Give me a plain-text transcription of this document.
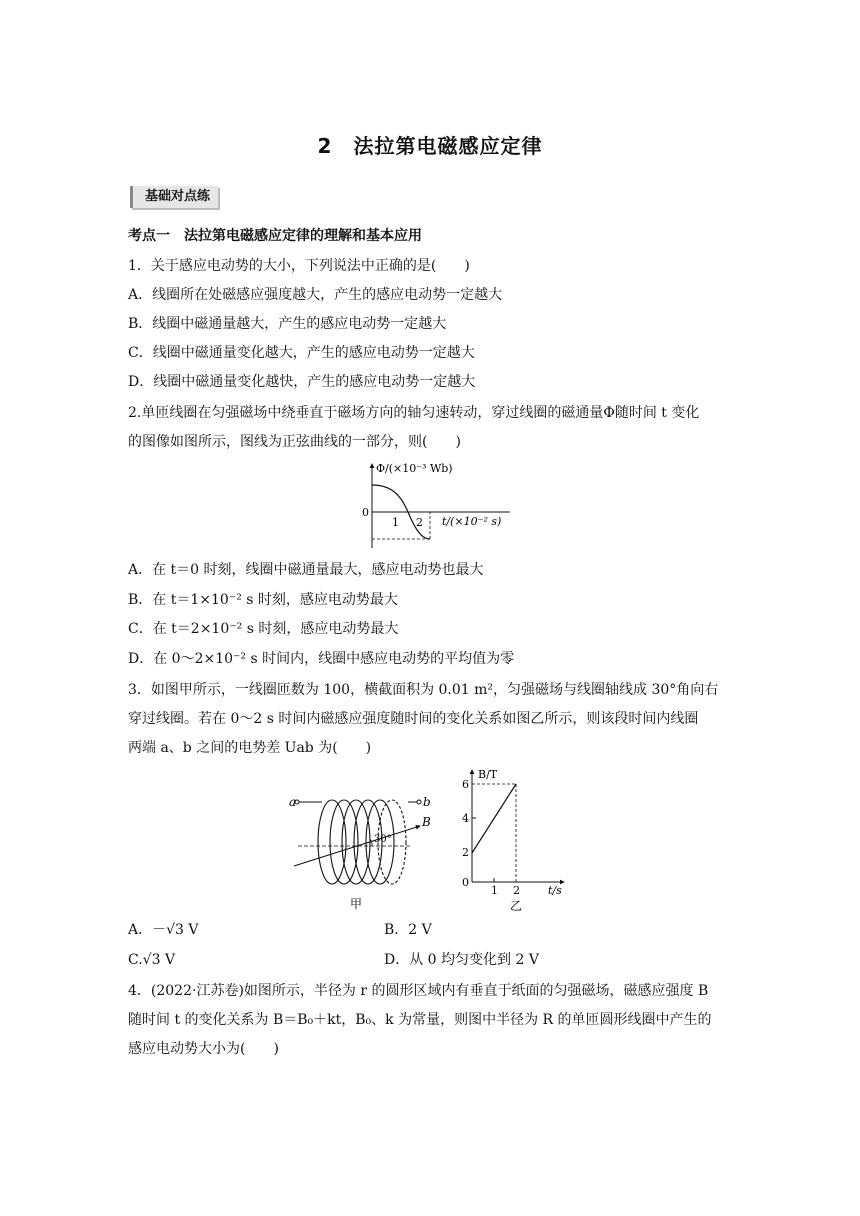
2　法拉第电磁感应定律
基础对点练
考点一　法拉第电磁感应定律的理解和基本应用
1．关于感应电动势的大小，下列说法中正确的是(　　)
A．线圈所在处磁感应强度越大，产生的感应电动势一定越大
B．线圈中磁通量越大，产生的感应电动势一定越大
C．线圈中磁通量变化越大，产生的感应电动势一定越大
D．线圈中磁通量变化越快，产生的感应电动势一定越大
2.单匝线圈在匀强磁场中绕垂直于磁场方向的轴匀速转动，穿过线圈的磁通量Φ随时间 t 变化
的图像如图所示，图线为正弦曲线的一部分，则(　　)
Φ/(×10⁻³ Wb)
0
1 2 t/(×10⁻² s)
A．在 t＝0 时刻，线圈中磁通量最大，感应电动势也最大
B．在 t＝1×10⁻² s 时刻，感应电动势最大
C．在 t＝2×10⁻² s 时刻，感应电动势最大
D．在 0～2×10⁻² s 时间内，线圈中感应电动势的平均值为零
3．如图甲所示，一线圈匝数为 100，横截面积为 0.01 m²，匀强磁场与线圈轴线成 30°角向右
穿过线圈。若在 0～2 s 时间内磁感应强度随时间的变化关系如图乙所示，则该段时间内线圈
两端 a、b 之间的电势差 Uab 为(　　)
a	b
B
30°
甲
B/T
6
4
2
0
1 2	t/s
乙
A．－√3 V	B．2 V
C.√3 V	D．从 0 均匀变化到 2 V
4．(2022·江苏卷)如图所示，半径为 r 的圆形区域内有垂直于纸面的匀强磁场，磁感应强度 B
随时间 t 的变化关系为 B＝B₀＋kt，B₀、k 为常量，则图中半径为 R 的单匝圆形线圈中产生的
感应电动势大小为(　　)
